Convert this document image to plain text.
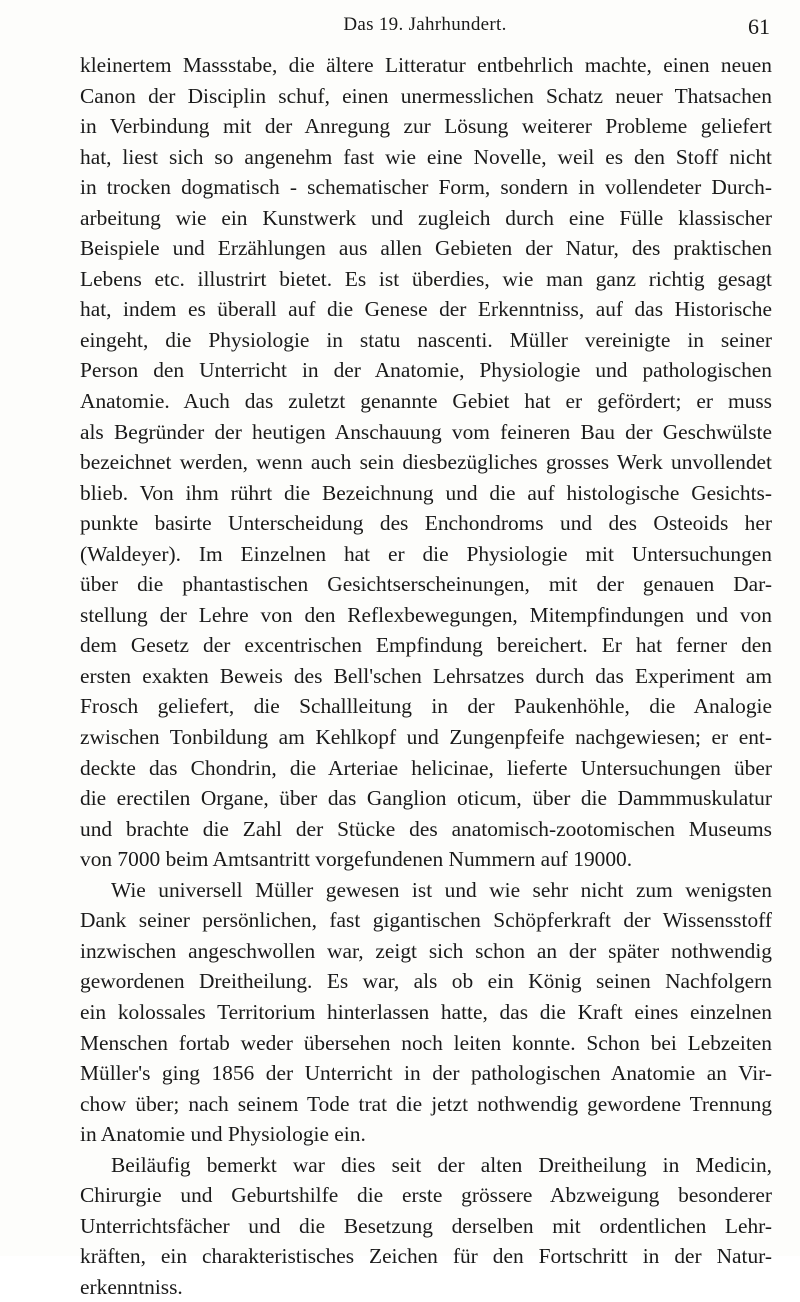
Das 19. Jahrhundert.	61
kleinertem Massstabe, die ältere Litteratur entbehrlich machte, einen neuen
Canon der Disciplin schuf, einen unermesslichen Schatz neuer Thatsachen
in Verbindung mit der Anregung zur Lösung weiterer Probleme geliefert
hat, liest sich so angenehm fast wie eine Novelle, weil es den Stoff nicht
in trocken dogmatisch - schematischer Form, sondern in vollendeter Durch-
arbeitung wie ein Kunstwerk und zugleich durch eine Fülle klassischer
Beispiele und Erzählungen aus allen Gebieten der Natur, des praktischen
Lebens etc. illustrirt bietet. Es ist überdies, wie man ganz richtig gesagt
hat, indem es überall auf die Genese der Erkenntniss, auf das Historische
eingeht, die Physiologie in statu nascenti. Müller vereinigte in seiner
Person den Unterricht in der Anatomie, Physiologie und pathologischen
Anatomie. Auch das zuletzt genannte Gebiet hat er gefördert; er muss
als Begründer der heutigen Anschauung vom feineren Bau der Geschwülste
bezeichnet werden, wenn auch sein diesbezügliches grosses Werk unvollendet
blieb. Von ihm rührt die Bezeichnung und die auf histologische Gesichts-
punkte basirte Unterscheidung des Enchondroms und des Osteoids her
(Waldeyer). Im Einzelnen hat er die Physiologie mit Untersuchungen
über die phantastischen Gesichtserscheinungen, mit der genauen Dar-
stellung der Lehre von den Reflexbewegungen, Mitempfindungen und von
dem Gesetz der excentrischen Empfindung bereichert. Er hat ferner den
ersten exakten Beweis des Bell'schen Lehrsatzes durch das Experiment am
Frosch geliefert, die Schallleitung in der Paukenhöhle, die Analogie
zwischen Tonbildung am Kehlkopf und Zungenpfeife nachgewiesen; er ent-
deckte das Chondrin, die Arteriae helicinae, lieferte Untersuchungen über
die erectilen Organe, über das Ganglion oticum, über die Dammmuskulatur
und brachte die Zahl der Stücke des anatomisch-zootomischen Museums
von 7000 beim Amtsantritt vorgefundenen Nummern auf 19000.
Wie universell Müller gewesen ist und wie sehr nicht zum wenigsten
Dank seiner persönlichen, fast gigantischen Schöpferkraft der Wissensstoff
inzwischen angeschwollen war, zeigt sich schon an der später nothwendig
gewordenen Dreitheilung. Es war, als ob ein König seinen Nachfolgern
ein kolossales Territorium hinterlassen hatte, das die Kraft eines einzelnen
Menschen fortab weder übersehen noch leiten konnte. Schon bei Lebzeiten
Müller's ging 1856 der Unterricht in der pathologischen Anatomie an Vir-
chow über; nach seinem Tode trat die jetzt nothwendig gewordene Trennung
in Anatomie und Physiologie ein.
Beiläufig bemerkt war dies seit der alten Dreitheilung in Medicin,
Chirurgie und Geburtshilfe die erste grössere Abzweigung besonderer
Unterrichtsfächer und die Besetzung derselben mit ordentlichen Lehr-
kräften, ein charakteristisches Zeichen für den Fortschritt in der Natur-
erkenntniss.
